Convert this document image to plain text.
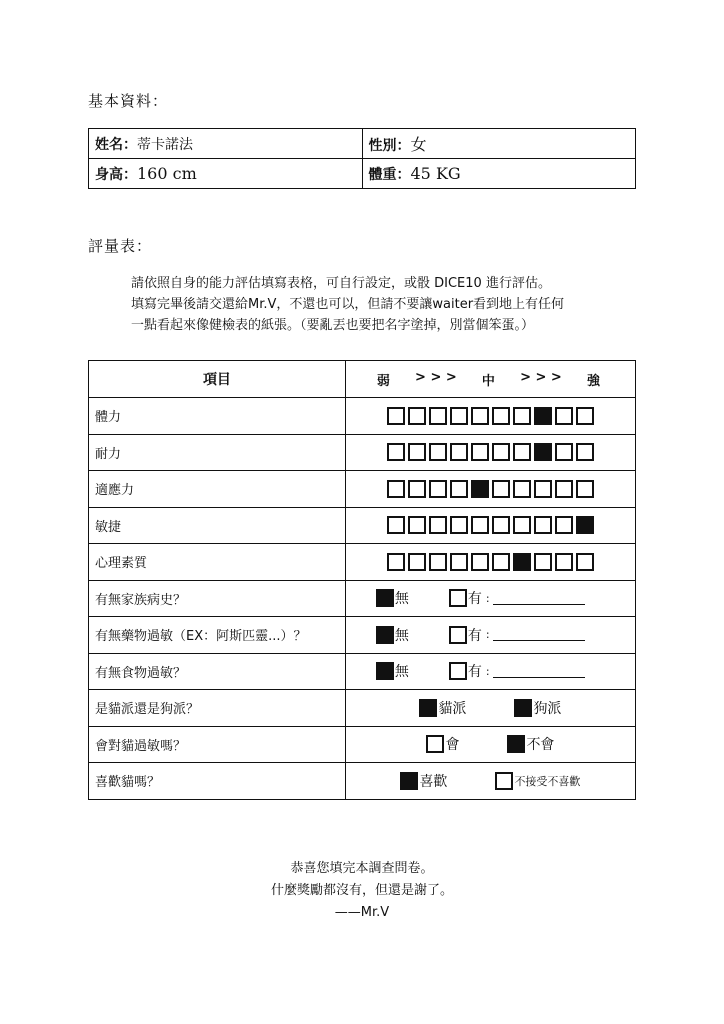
基本資料：
姓名：蒂卡諾法	性別：女
身高：160 cm	體重：45 KG
評量表：
請依照自身的能力評估填寫表格，可自行設定，或骰 DICE10 進行評估。
填寫完畢後請交還給Mr.V，不還也可以，但請不要讓waiter看到地上有任何
一點看起來像健檢表的紙張。（要亂丟也要把名字塗掉，別當個笨蛋。）
項目	弱 > > > 中 > > > 強

體力	

耐力	

適應力	

敏捷	

心理素質	

有無家族病史？	無 有 :

有無藥物過敏（EX：阿斯匹靈...）？	無 有 :

有無食物過敏？	無 有 :

是貓派還是狗派？	貓派 狗派

會對貓過敏嗎？	會 不會

喜歡貓嗎？	喜歡 不接受不喜歡
恭喜您填完本調查問卷。
什麼獎勵都沒有，但還是謝了。
——Mr.V
